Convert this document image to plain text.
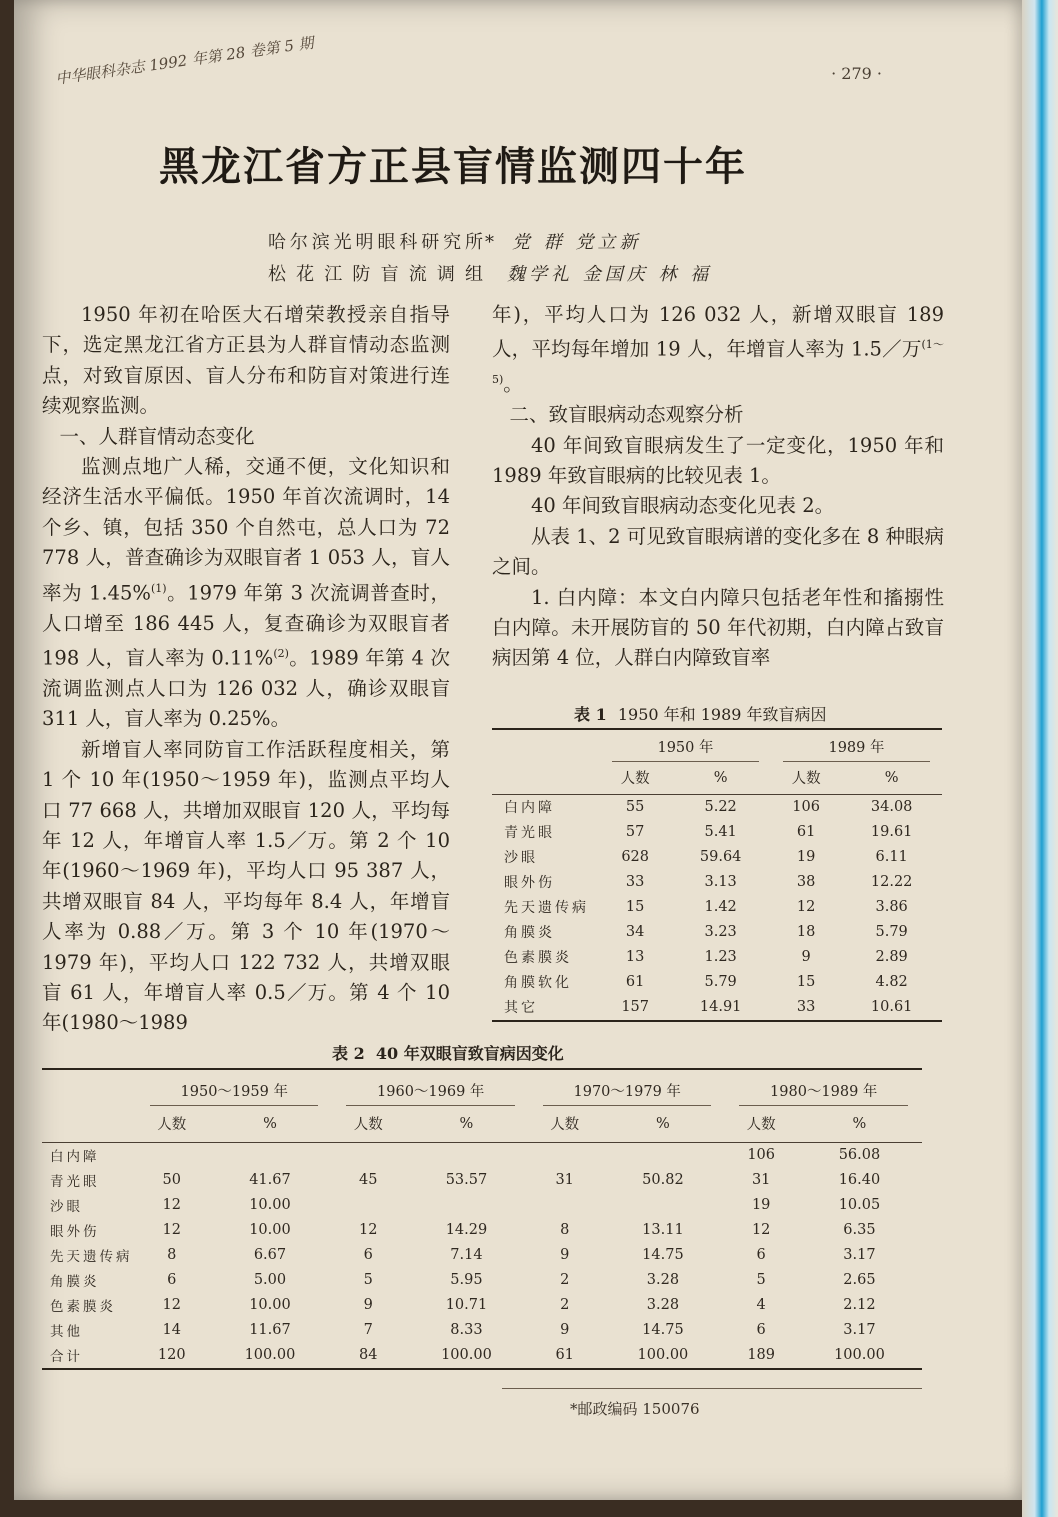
中华眼科杂志 1992 年第 28 卷第 5 期	· 279 ·
黑龙江省方正县盲情监测四十年
哈尔滨光明眼科研究所 * 党 群 党立新
松花江防盲流调组 魏学礼 金国庆 林 福

1950 年初在哈医大石增荣教授亲自指导下，选定黑龙江省方正县为人群盲情动态监测点，对致盲原因、盲人分布和防盲对策进行连续观察监测。

一、人群盲情动态变化

监测点地广人稀，交通不便，文化知识和经济生活水平偏低。1950 年首次流调时，14 个乡、镇，包括 350 个自然屯，总人口为 72 778 人，普查确诊为双眼盲者 1 053 人，盲人率为 1.45%$^{(1)}$。1979 年第 3 次流调普查时，人口增至 186 445 人，复查确诊为双眼盲者 198 人，盲人率为 0.11%$^{(2)}$。1989 年第 4 次流调监测点人口为 126 032 人，确诊双眼盲 311 人，盲人率为 0.25%。

新增盲人率同防盲工作活跃程度相关，第 1 个 10 年(1950～1959 年)，监测点平均人口 77 668 人，共增加双眼盲 120 人，平均每年 12 人，年增盲人率 1.5／万。第 2 个 10 年(1960～1969 年)，平均人口 95 387 人，共增双眼盲 84 人，平均每年 8.4 人，年增盲人率为 0.88／万。第 3 个 10 年(1970～1979 年)，平均人口 122 732 人，共增双眼盲 61 人，年增盲人率 0.5／万。第 4 个 10 年(1980～1989

年)，平均人口为 126 032 人，新增双眼盲 189 人，平均每年增加 19 人，年增盲人率为 1.5／万$^{(1\sim 5)}$。

二、致盲眼病动态观察分析

40 年间致盲眼病发生了一定变化，1950 年和 1989 年致盲眼病的比较见表 1。

40 年间致盲眼病动态变化见表 2。

从表 1、2 可见致盲眼病谱的变化多在 8 种眼病之间。

1. 白内障：本文白内障只包括老年性和搐搦性白内障。未开展防盲的 50 年代初期，白内障占致盲病因第 4 位，人群白内障致盲率

表 1 1950 年和 1989 年致盲病因

	1950 年		1989 年	

	人数	%	人数	%
白内障	55	5.22	106	34.08
青光眼	57	5.41	61	19.61
沙眼	628	59.64	19	6.11
眼外伤	33	3.13	38	12.22
先天遗传病	15	1.42	12	3.86
角膜炎	34	3.23	18	5.79
色素膜炎	13	1.23	9	2.89
角膜软化	61	5.79	15	4.82
其它	157	14.91	33	10.61
表 2 40 年双眼盲致盲病因变化

	1950～1959 年		1960～1969 年		1970～1979 年		1980～1989 年	

	人数	%	人数	%	人数	%	人数	%
白内障							106	56.08
青光眼	50	41.67	45	53.57	31	50.82	31	16.40
沙眼	12	10.00					19	10.05
眼外伤	12	10.00	12	14.29	8	13.11	12	6.35
先天遗传病	8	6.67	6	7.14	9	14.75	6	3.17
角膜炎	6	5.00	5	5.95	2	3.28	5	2.65
色素膜炎	12	10.00	9	10.71	2	3.28	4	2.12
其他	14	11.67	7	8.33	9	14.75	6	3.17
合计	120	100.00	84	100.00	61	100.00	189	100.00
*邮政编码 150076
